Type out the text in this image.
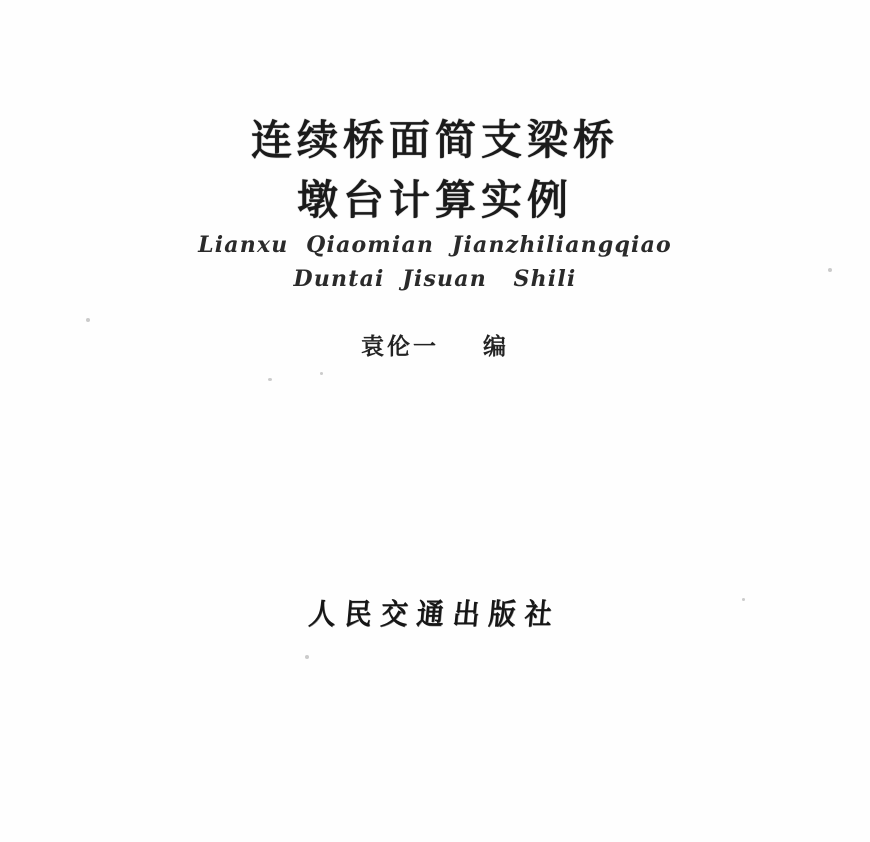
连续桥面简支梁桥
墩台计算实例
Lianxu  Qiaomian  Jianzhiliangqiao
Duntai  Jisuan   Shili
袁伦一    编
人民交通出版社
